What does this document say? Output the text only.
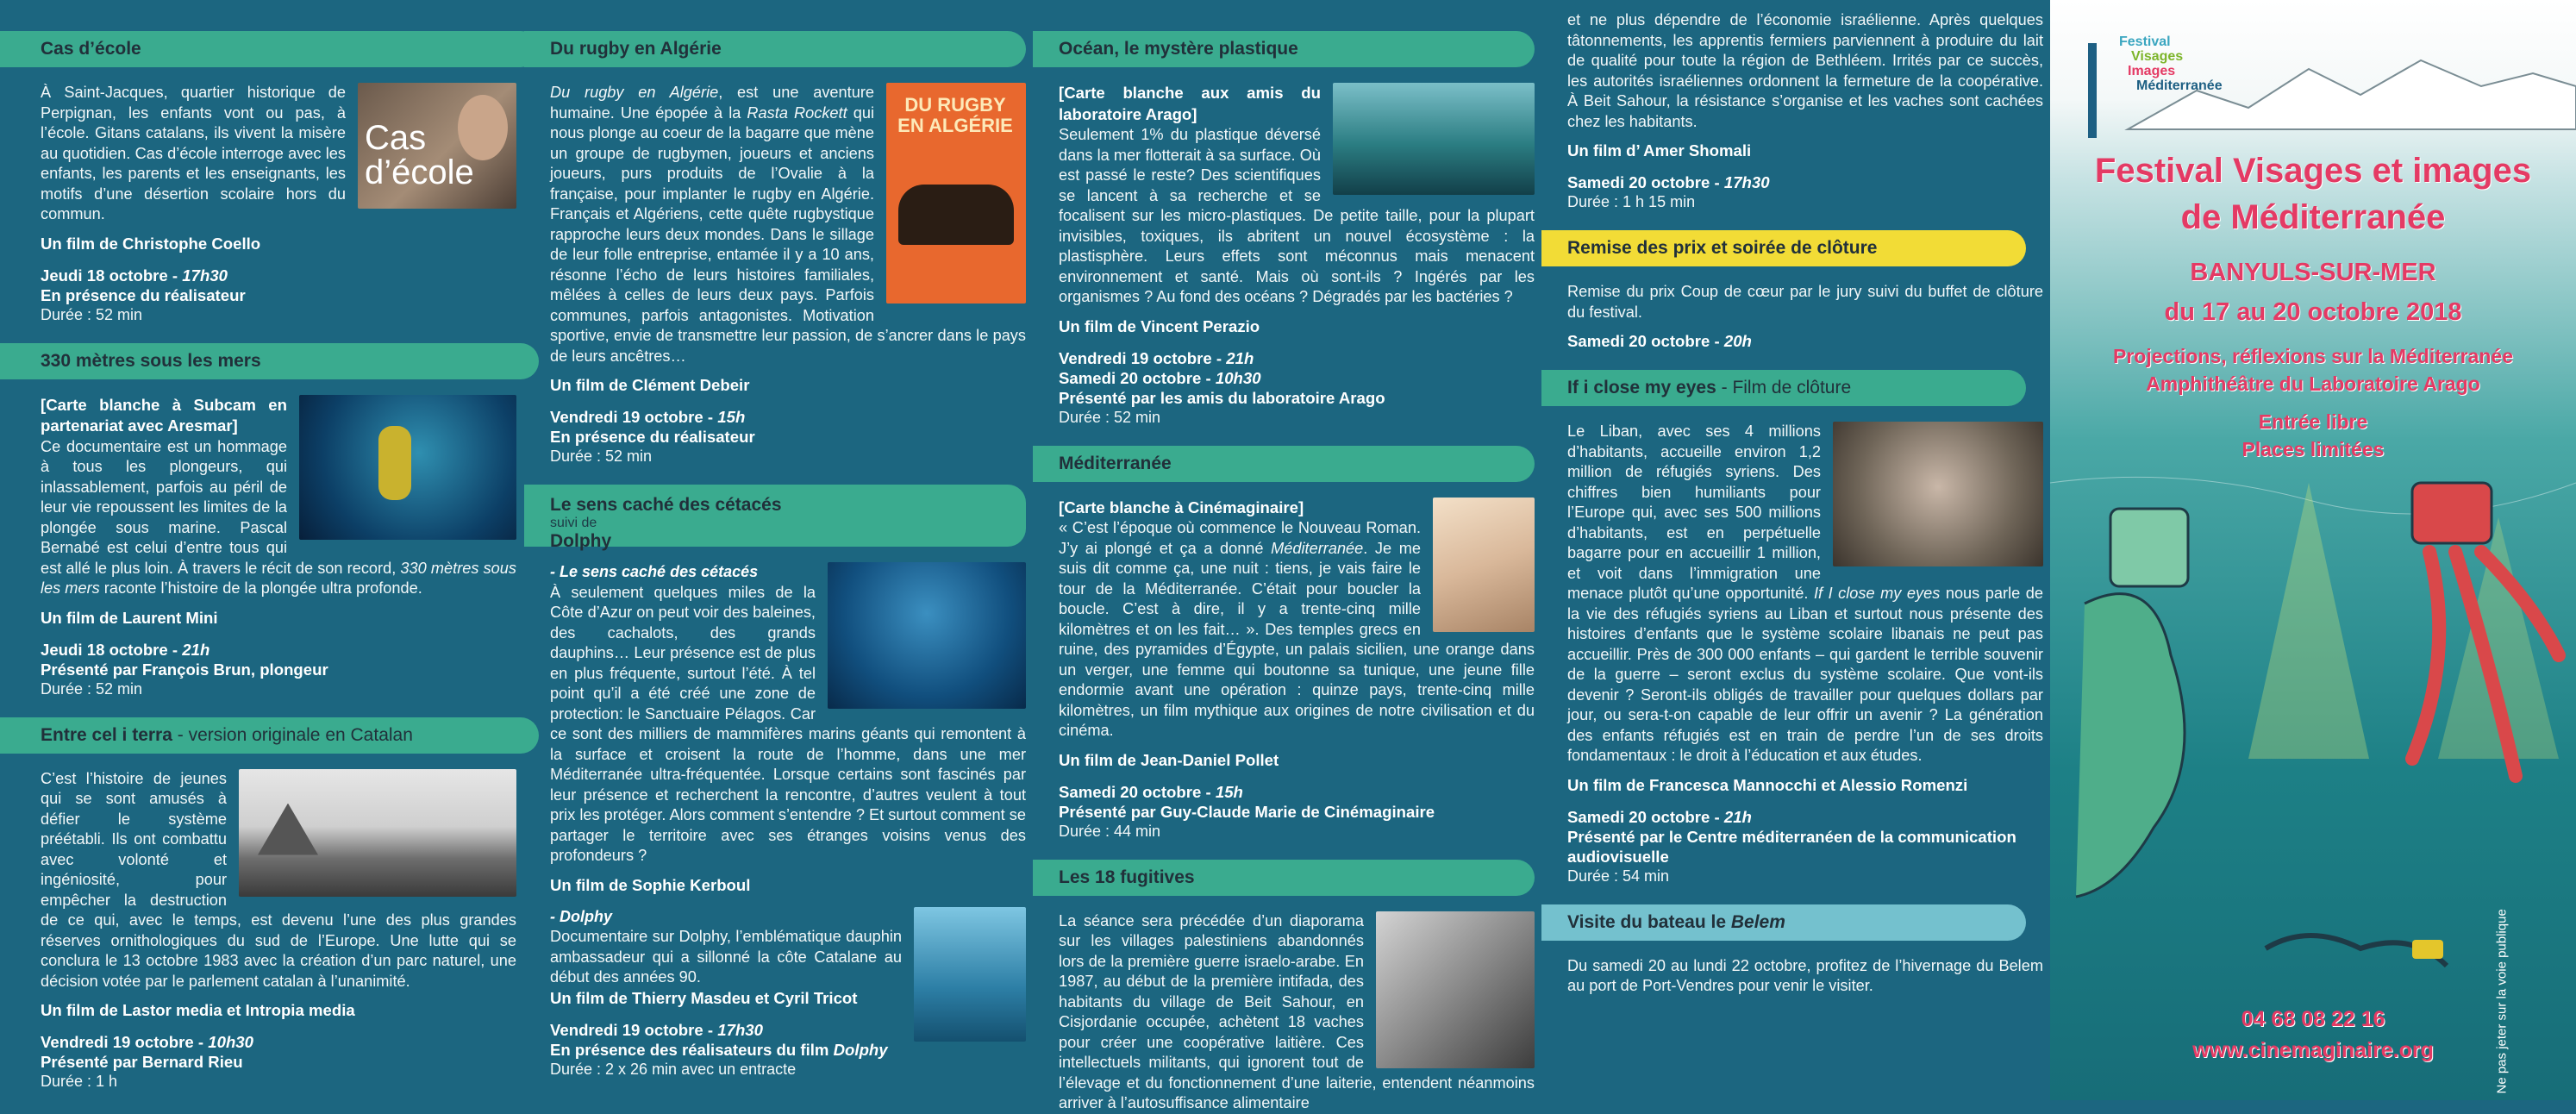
Cas d’école
Cas d’école

À Saint-Jacques, quartier historique de Perpignan, les enfants vont ou pas, à l’école. Gitans catalans, ils vivent la misère au quotidien. Cas d’école interroge avec les enfants, les parents et les enseignants, les motifs d’une désertion scolaire hors du commun.

Un film de Christophe Coello
Jeudi 18 octobre - 17h30
En présence du réalisateur
Durée : 52 min
330 mètres sous les mers

[Carte blanche à Subcam en partenariat avec Aresmar]

Ce documentaire est un hommage à tous les plongeurs, qui inlassablement, parfois au péril de leur vie repoussent les limites de la plongée sous marine. Pascal Bernabé est celui d’entre tous qui est allé le plus loin. À travers le récit de son record, 330 mètres sous les mers raconte l’histoire de la plongée ultra profonde.

Un film de Laurent Mini
Jeudi 18 octobre - 21h
Présenté par François Brun, plongeur
Durée : 52 min
Entre cel i terra - version originale en Catalan

C’est l’histoire de jeunes qui se sont amusés à défier le système préétabli. Ils ont combattu avec volonté et ingéniosité, pour empêcher la destruction de ce qui, avec le temps, est devenu l’une des plus grandes réserves ornithologiques du sud de l’Europe. Une lutte qui se conclura le 13 octobre 1983 avec la création d’un parc naturel, une décision votée par le parlement catalan à l’unanimité.

Un film de Lastor media et Intropia media
Vendredi 19 octobre - 10h30
Présenté par Bernard Rieu
Durée : 1 h
Du rugby en Algérie
DU RUGBY EN ALGÉRIE

Du rugby en Algérie, est une aventure humaine. Une épopée à la Rasta Rockett qui nous plonge au coeur de la bagarre que mène un groupe de rugbymen, joueurs et anciens joueurs, purs produits de l’Ovalie à la française, pour implanter le rugby en Algérie. Français et Algériens, cette quête rugbystique rapproche leurs deux mondes. Dans le sillage de leur folle entreprise, entamée il y a 10 ans, résonne l’écho de leurs histoires familiales, mêlées à celles de leurs deux pays. Parfois communes, parfois antagonistes. Motivation sportive, envie de transmettre leur passion, de s’ancrer dans le pays de leurs ancêtres…

Un film de Clément Debeir
Vendredi 19 octobre - 15h
En présence du réalisateur
Durée : 52 min
Le sens caché des cétacés
suivi de
Dolphy

- Le sens caché des cétacés

À seulement quelques miles de la Côte d’Azur on peut voir des baleines, des cachalots, des grands dauphins… Leur présence est de plus en plus fréquente, surtout l’été. À tel point qu’il a été créé une zone de protection: le Sanctuaire Pélagos. Car ce sont des milliers de mammifères marins géants qui remontent à la surface et croisent la route de l’homme, dans une mer Méditerranée ultra-fréquentée. Lorsque certains sont fascinés par leur présence et recherchent la rencontre, d’autres veulent à tout prix les protéger. Alors comment s’entendre ? Et surtout comment se partager le territoire avec ses étranges voisins venus des profondeurs ?

Un film de Sophie Kerboul

- Dolphy

Documentaire sur Dolphy, l’emblématique dauphin ambassadeur qui a sillonné la côte Catalane au début des années 90.

Un film de Thierry Masdeu et Cyril Tricot
Vendredi 19 octobre - 17h30
En présence des réalisateurs du film Dolphy
Durée : 2 x 26 min avec un entracte
Océan, le mystère plastique

[Carte blanche aux amis du laboratoire Arago]

Seulement 1% du plastique déversé dans la mer flotterait à sa surface. Où est passé le reste? Des scientifiques se lancent à sa recherche et se focalisent sur les micro-plastiques. De petite taille, pour la plupart invisibles, toxiques, ils abritent un nouvel écosystème : la plastisphère. Leurs effets sont méconnus mais menacent environnement et santé. Mais où sont-ils ? Ingérés par les organismes ? Au fond des océans ? Dégradés par les bactéries ?

Un film de Vincent Perazio
Vendredi 19 octobre - 21h
Samedi 20 octobre - 10h30
Présenté par les amis du laboratoire Arago
Durée : 52 min
Méditerranée

[Carte blanche à Cinémaginaire]

« C’est l’époque où commence le Nouveau Roman. J’y ai plongé et ça a donné Méditerranée. Je me suis dit comme ça, une nuit : tiens, je vais faire le tour de la Méditerranée. C’était pour boucler la boucle. C’est à dire, il y a trente-cinq mille kilomètres et on les fait… ». Des temples grecs en ruine, des pyramides d’Égypte, un palais sicilien, une orange dans un verger, une femme qui boutonne sa tunique, une jeune fille endormie avant une opération : quinze pays, trente-cinq mille kilomètres, un film mythique aux origines de notre civilisation et du cinéma.

Un film de Jean-Daniel Pollet
Samedi 20 octobre - 15h
Présenté par Guy-Claude Marie de Cinémaginaire
Durée : 44 min
Les 18 fugitives

La séance sera précédée d’un diaporama sur les villages palestiniens abandonnés lors de la première guerre israelo-arabe. En 1987, au début de la première intifada, des habitants du village de Beit Sahour, en Cisjordanie occupée, achètent 18 vaches pour créer une coopérative laitière. Ces intellectuels militants, qui ignorent tout de l’élevage et du fonctionnement d’une laiterie, entendent néanmoins arriver à l’autosuffisance alimentaire

et ne plus dépendre de l’économie israélienne. Après quelques tâtonnements, les apprentis fermiers parviennent à produire du lait de qualité pour toute la région de Bethléem. Irrités par ce succès, les autorités israéliennes ordonnent la fermeture de la coopérative. À Beit Sahour, la résistance s’organise et les vaches sont cachées chez les habitants.

Un film d’ Amer Shomali
Samedi 20 octobre - 17h30
Durée : 1 h 15 min
Remise des prix et soirée de clôture

Remise du prix Coup de cœur par le jury suivi du buffet de clôture du festival.

Samedi 20 octobre - 20h
If i close my eyes - Film de clôture

Le Liban, avec ses 4 millions d’habitants, accueille environ 1,2 million de réfugiés syriens. Des chiffres bien humiliants pour l’Europe qui, avec ses 500 millions d’habitants, est en perpétuelle bagarre pour en accueillir 1 million, et voit dans l’immigration une menace plutôt qu’une opportunité. If I close my eyes nous parle de la vie des réfugiés syriens au Liban et surtout nous présente des histoires d’enfants que le système scolaire libanais ne peut pas accueillir. Près de 300 000 enfants – qui gardent le terrible souvenir de la guerre – seront exclus du système scolaire. Que vont-ils devenir ? Seront-ils obligés de travailler pour quelques dollars par jour, ou sera-t-on capable de leur offrir un avenir ? La génération des enfants réfugiés est en train de perdre l’un de ses droits fondamentaux : le droit à l’éducation et aux études.

Un film de Francesca Mannocchi et Alessio Romenzi
Samedi 20 octobre - 21h
Présenté par le Centre méditerranéen de la communication audiovisuelle
Durée : 54 min
Visite du bateau le Belem

Du samedi 20 au lundi 22 octobre, profitez de l’hivernage du Belem au port de Port-Vendres pour venir le visiter.

Festival
Visages
Images
Méditerranée
Festival Visages et images
de Méditerranée
BANYULS-SUR-MER
du 17 au 20 octobre 2018
Projections, réflexions sur la Méditerranée
Amphithéâtre du Laboratoire Arago
Entrée libre
Places limitées
04 68 08 22 16
www.cinemaginaire.org	Ne pas jeter sur la voie publique
